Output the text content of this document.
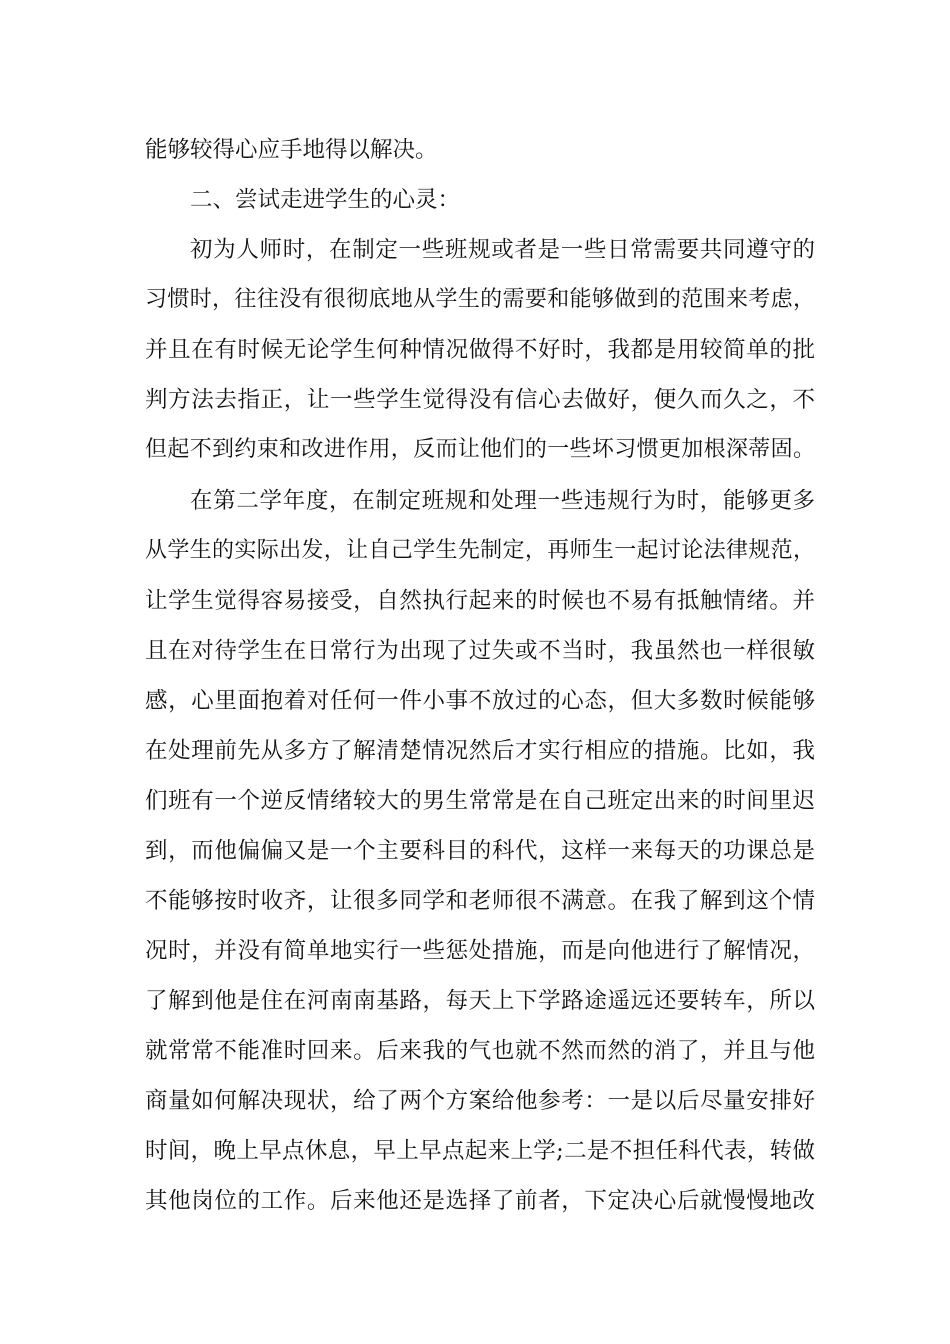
能够较得心应手地得以解决。
二、尝试走进学生的心灵：
初为人师时，在制定一些班规或者是一些日常需要共同遵守的
习惯时，往往没有很彻底地从学生的需要和能够做到的范围来考虑，
并且在有时候无论学生何种情况做得不好时，我都是用较简单的批
判方法去指正，让一些学生觉得没有信心去做好，便久而久之，不
但起不到约束和改进作用，反而让他们的一些坏习惯更加根深蒂固。
在第二学年度，在制定班规和处理一些违规行为时，能够更多
从学生的实际出发，让自己学生先制定，再师生一起讨论法律规范，
让学生觉得容易接受，自然执行起来的时候也不易有抵触情绪。并
且在对待学生在日常行为出现了过失或不当时，我虽然也一样很敏
感，心里面抱着对任何一件小事不放过的心态，但大多数时候能够
在处理前先从多方了解清楚情况然后才实行相应的措施。比如，我
们班有一个逆反情绪较大的男生常常是在自己班定出来的时间里迟
到，而他偏偏又是一个主要科目的科代，这样一来每天的功课总是
不能够按时收齐，让很多同学和老师很不满意。在我了解到这个情
况时，并没有简单地实行一些惩处措施，而是向他进行了解情况，
了解到他是住在河南南基路，每天上下学路途遥远还要转车，所以
就常常不能准时回来。后来我的气也就不然而然的消了，并且与他
商量如何解决现状，给了两个方案给他参考：一是以后尽量安排好
时间，晚上早点休息，早上早点起来上学;二是不担任科代表，转做
其他岗位的工作。后来他还是选择了前者，下定决心后就慢慢地改
